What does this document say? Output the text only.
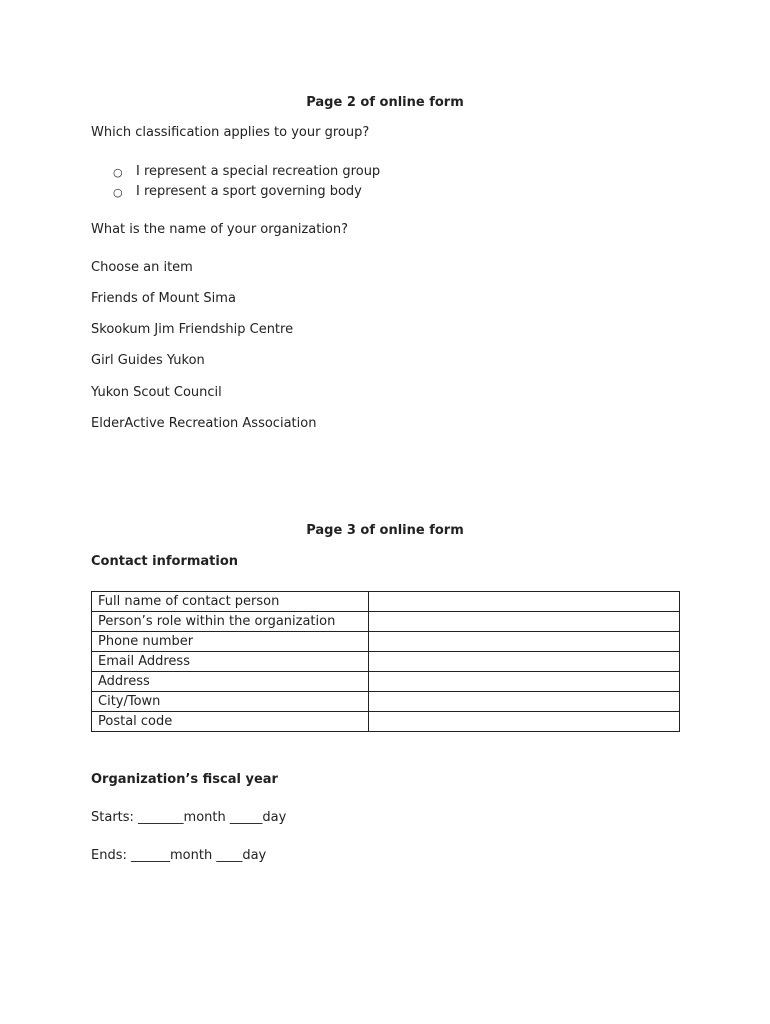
Page 2 of online form
Which classification applies to your group?
○ I represent a special recreation group
○ I represent a sport governing body
What is the name of your organization?
Choose an item
Friends of Mount Sima
Skookum Jim Friendship Centre
Girl Guides Yukon
Yukon Scout Council
ElderActive Recreation Association
Page 3 of online form
Contact information
Full name of contact person	
Person’s role within the organization	
Phone number	
Email Address	
Address	
City/Town	
Postal code	
Organization’s fiscal year
Starts: _______month _____day
Ends: ______month ____day
